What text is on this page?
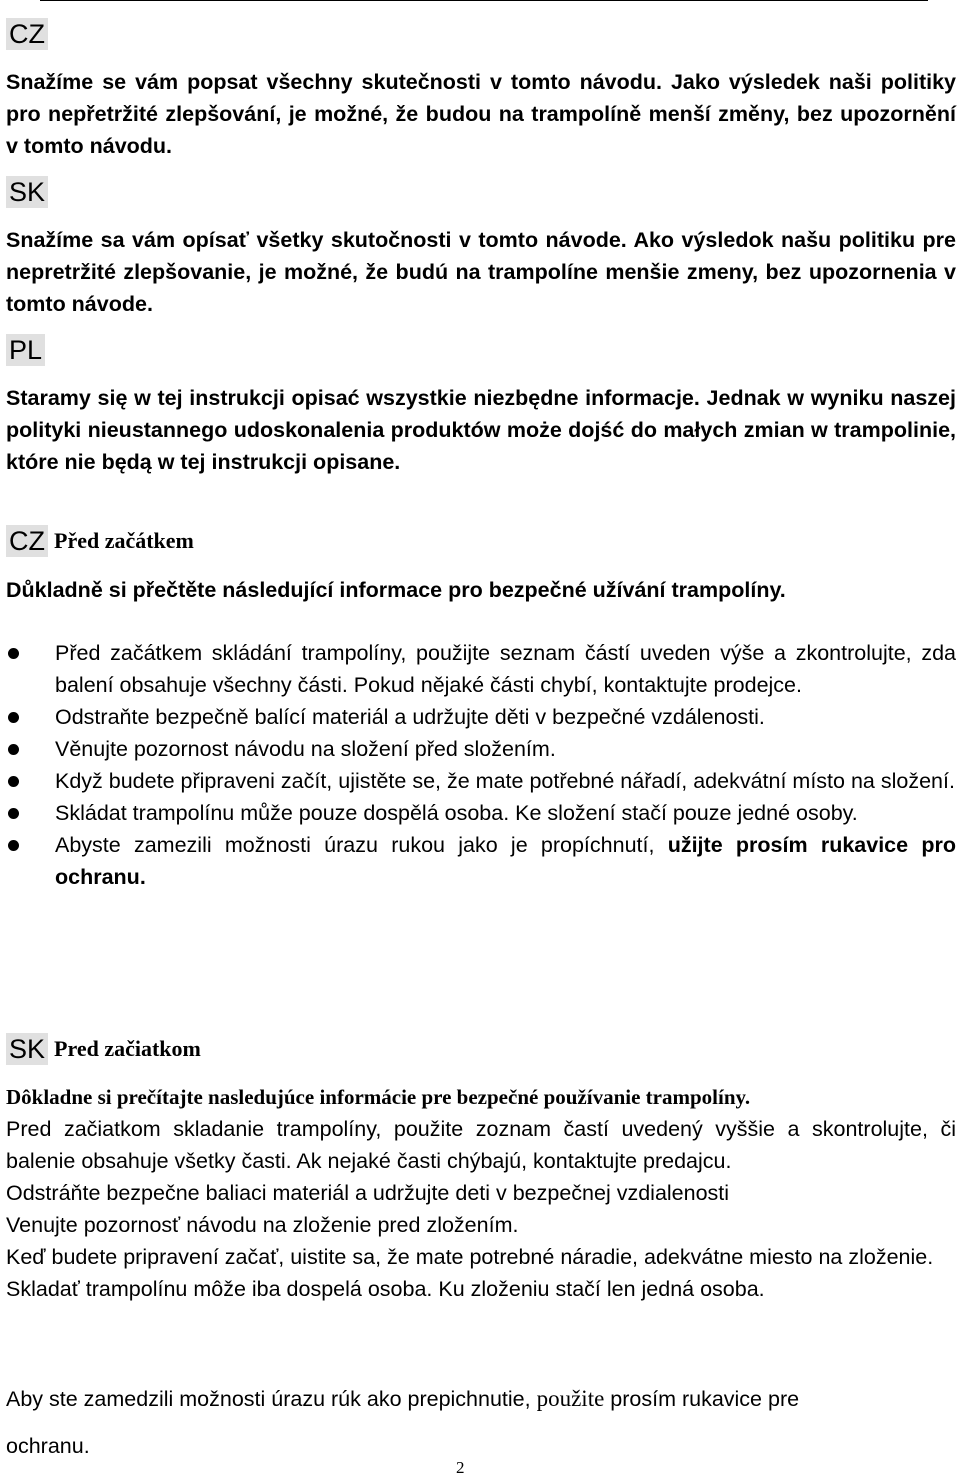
CZ
Snažíme se vám popsat všechny skutečnosti v tomto návodu. Jako výsledek naši politiky pro nepřetržité zlepšování, je možné, že budou na trampolíně menší změny, bez upozornění v tomto návodu.
SK
Snažíme sa vám opísať všetky skutočnosti v tomto návode. Ako výsledok našu politiku pre nepretržité zlepšovanie, je možné, že budú na trampolíne menšie zmeny, bez upozornenia v tomto návode.
PL
Staramy się w tej instrukcji opisać wszystkie niezbędne informacje. Jednak w wyniku naszej polityki nieustannego udoskonalenia produktów może dojść do małych zmian w trampolinie, które nie będą w tej instrukcji opisane.
CZ Před začátkem
Důkladně si přečtěte následující informace pro bezpečné užívání trampolíny.
Před začátkem skládání trampolíny, použijte seznam částí uveden výše a zkontrolujte, zda balení obsahuje všechny části. Pokud nějaké části chybí, kontaktujte prodejce.
Odstraňte bezpečně balící materiál a udržujte děti v bezpečné vzdálenosti.
Věnujte pozornost návodu na složení před složením.
Když budete připraveni začít, ujistěte se, že mate potřebné nářadí, adekvátní místo na složení.
Skládat trampolínu může pouze dospělá osoba. Ke složení stačí pouze jedné osoby.
Abyste zamezili možnosti úrazu rukou jako je propíchnutí, užijte prosím rukavice pro ochranu.
SK Pred začiatkom
Dôkladne si prečítajte nasledujúce informácie pre bezpečné používanie trampolíny.
Pred začiatkom skladanie trampolíny, použite zoznam častí uvedený vyššie a skontrolujte, či balenie obsahuje všetky časti. Ak nejaké časti chýbajú, kontaktujte predajcu.
Odstráňte bezpečne baliaci materiál a udržujte deti v bezpečnej vzdialenosti
Venujte pozornosť návodu na zloženie pred zložením.
Keď budete pripravení začať, uistite sa, že mate potrebné náradie, adekvátne miesto na zloženie.
Skladať trampolínu môže iba dospelá osoba. Ku zloženiu stačí len jedná osoba.
Aby ste zamedzili možnosti úrazu rúk ako prepichnutie, použite prosím rukavice pre
ochranu.
2
